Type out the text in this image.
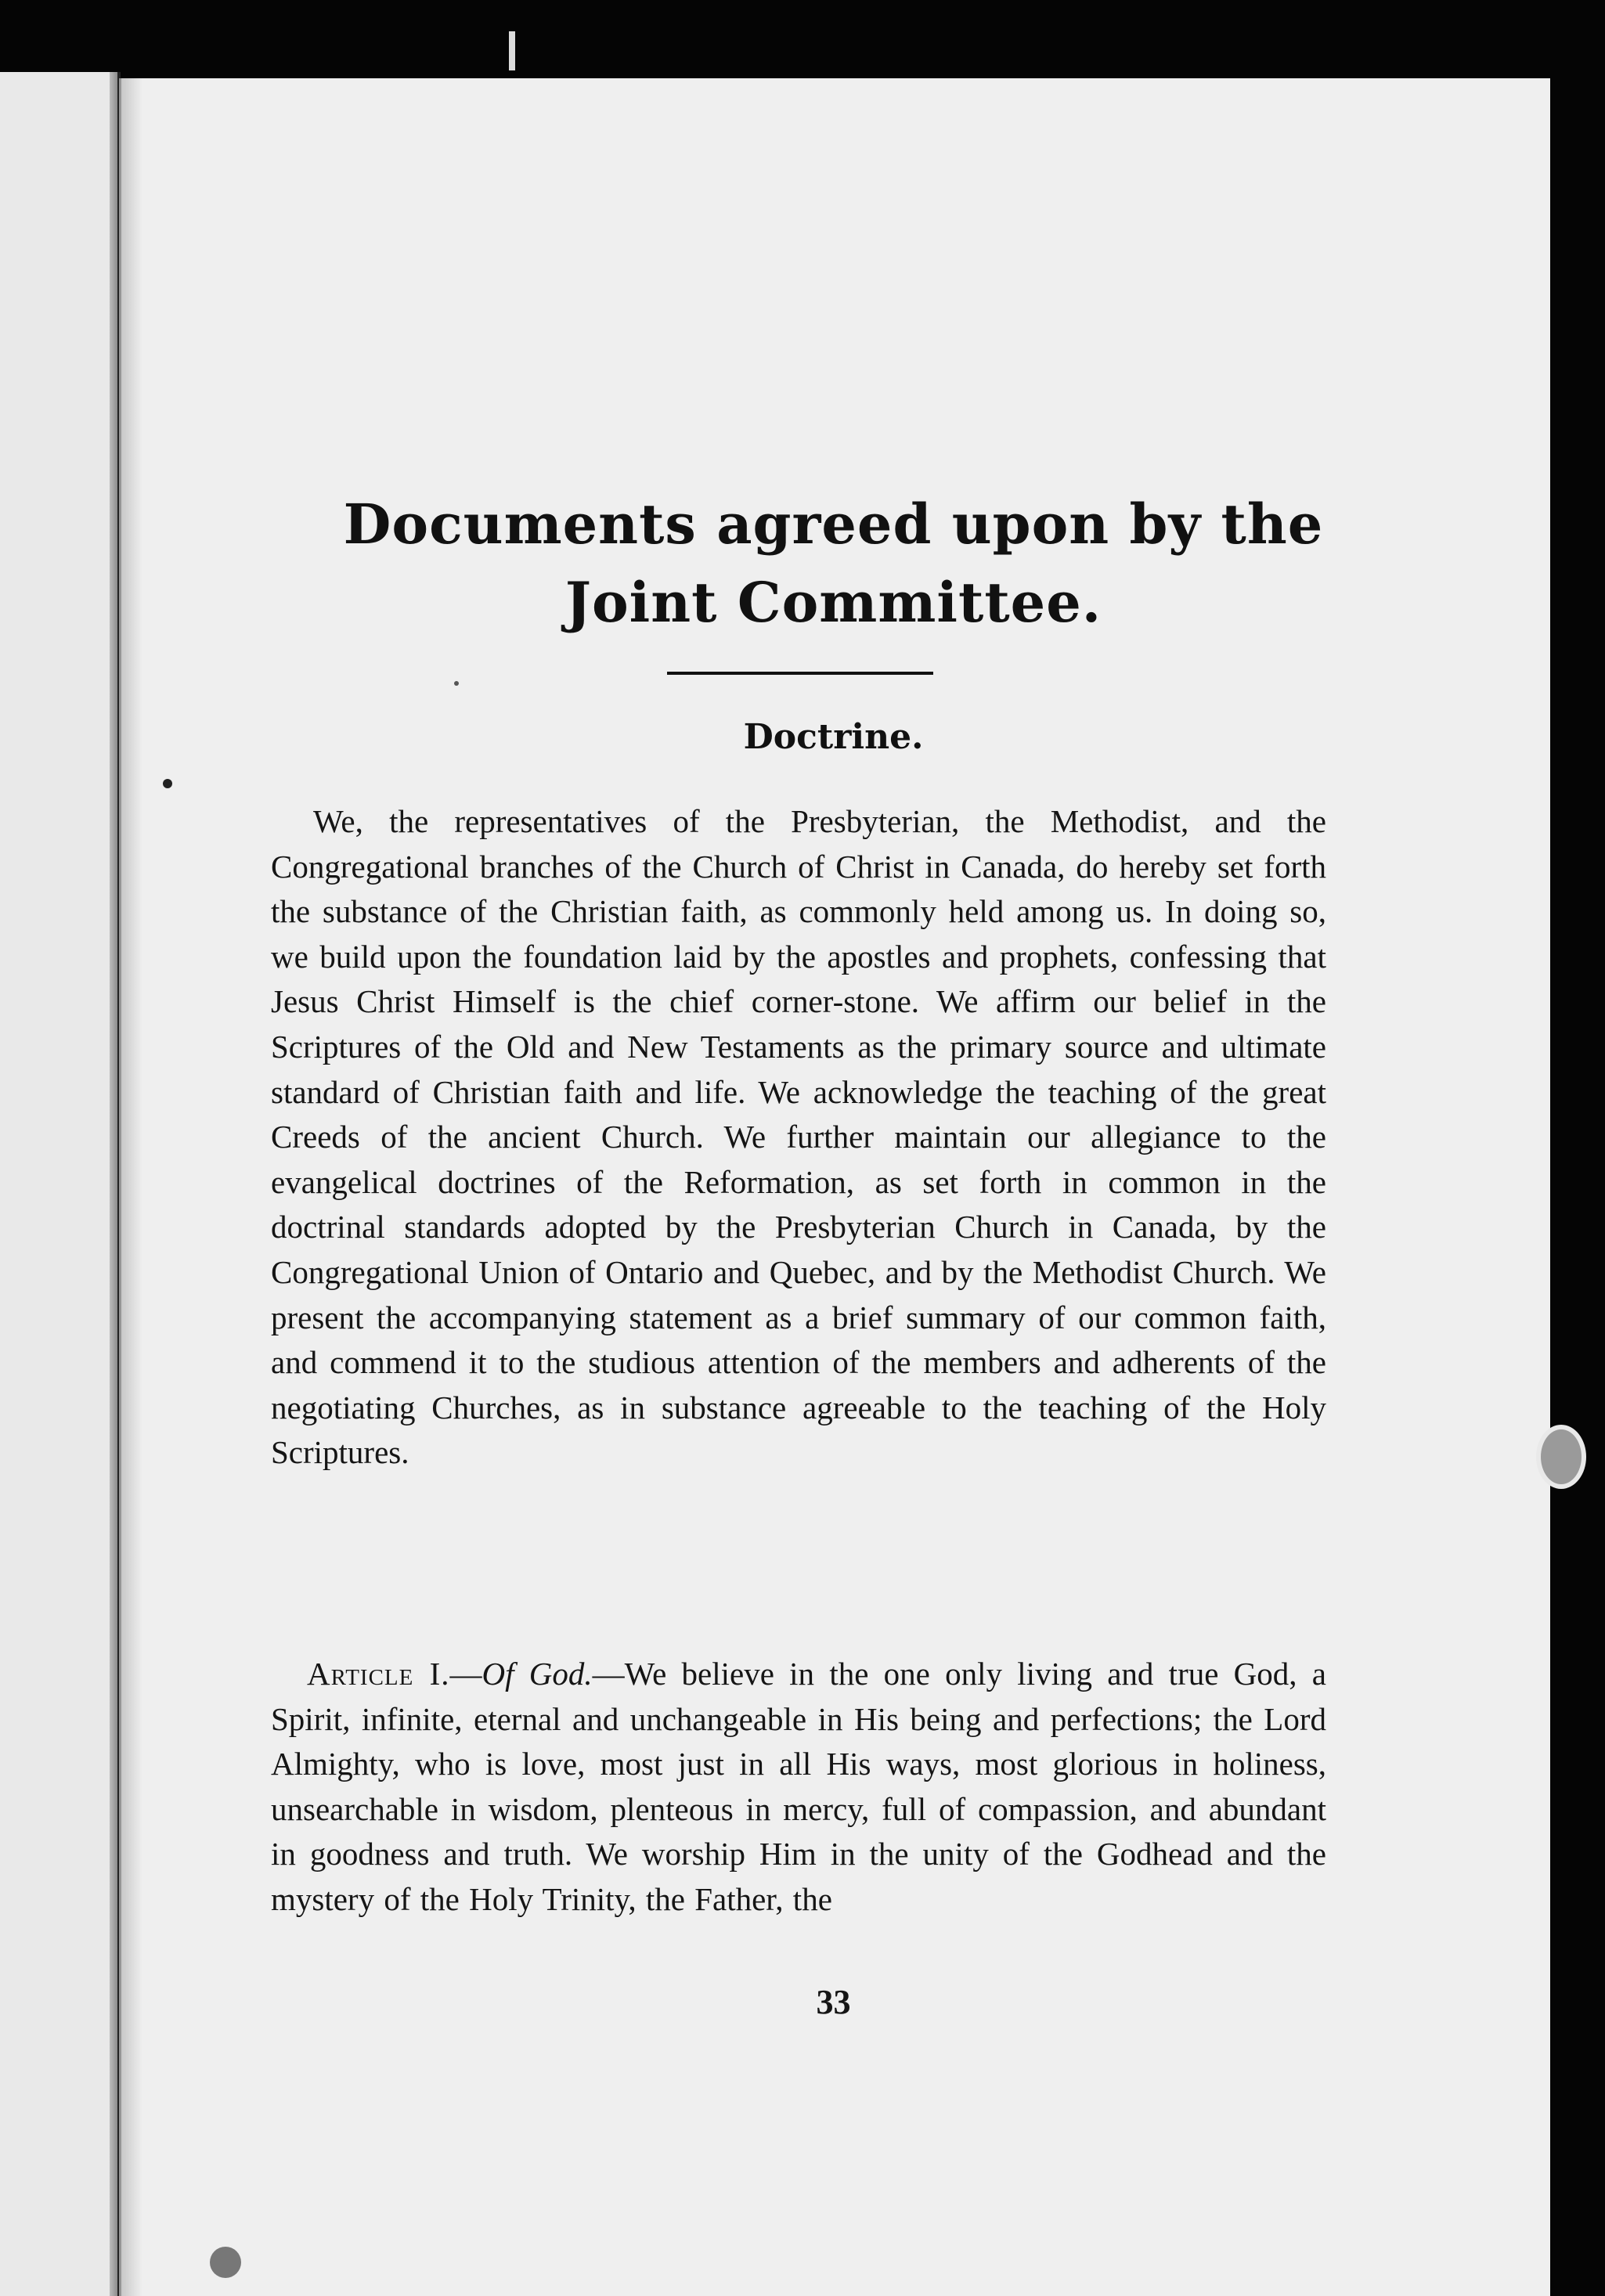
Documents agreed upon by the
Joint Committee.
Doctrine.
We, the representatives of the Presbyterian, the Methodist, and the Congregational branches of the Church of Christ in Canada, do hereby set forth the substance of the Christian faith, as commonly held among us. In doing so, we build upon the foundation laid by the apostles and prophets, confessing that Jesus Christ Himself is the chief corner-stone. We affirm our belief in the Scriptures of the Old and New Testaments as the primary source and ultimate standard of Christian faith and life. We acknowledge the teaching of the great Creeds of the ancient Church. We further maintain our allegiance to the evangelical doctrines of the Reformation, as set forth in common in the doctrinal standards adopted by the Presbyterian Church in Canada, by the Congregational Union of Ontario and Quebec, and by the Methodist Church. We present the accompanying statement as a brief summary of our common faith, and commend it to the studious attention of the members and adherents of the negotiating Churches, as in substance agreeable to the teaching of the Holy Scriptures.
Article I.—Of God.—We believe in the one only living and true God, a Spirit, infinite, eternal and unchangeable in His being and perfections; the Lord Almighty, who is love, most just in all His ways, most glorious in holiness, unsearchable in wisdom, plenteous in mercy, full of compassion, and abundant in goodness and truth. We worship Him in the unity of the Godhead and the mystery of the Holy Trinity, the Father, the
33
